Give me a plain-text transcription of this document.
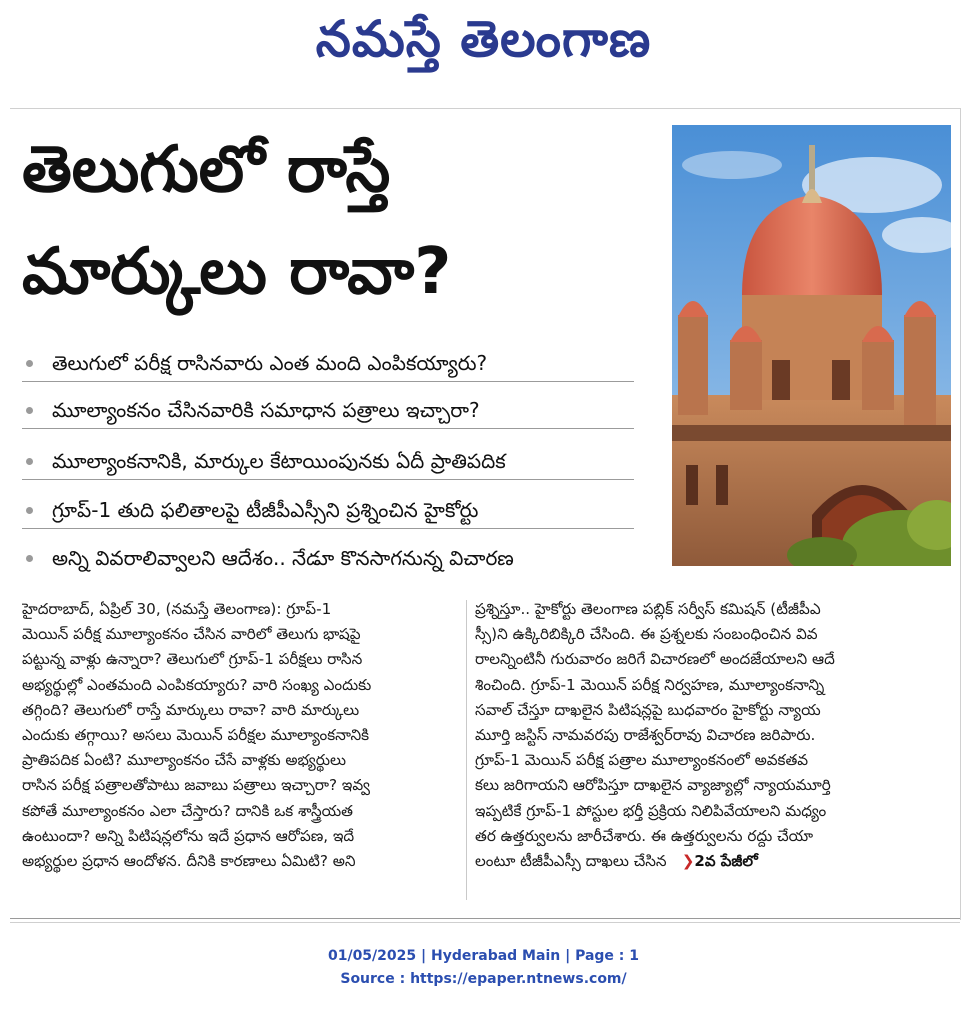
నమస్తే తెలంగాణ
తెలుగులో రాస్తే
మార్కులు రావా?
తెలుగులో పరీక్ష రాసినవారు ఎంత మంది ఎంపికయ్యారు?
మూల్యాంకనం చేసినవారికి సమాధాన పత్రాలు ఇచ్చారా?
మూల్యాంకనానికి, మార్కుల కేటాయింపునకు ఏదీ ప్రాతిపదిక
గ్రూప్‌-1 తుది ఫలితాలపై టీజీపీఎస్సీని ప్రశ్నించిన హైకోర్టు
అన్ని వివరాలివ్వాలని ఆదేశం.. నేడూ కొనసాగనున్న విచారణ
హైదరాబాద్‌, ఏప్రిల్‌ 30, (నమస్తే తెలంగాణ): గ్రూప్‌-1
మెయిన్‌ పరీక్ష మూల్యాంకనం చేసిన వారిలో తెలుగు భాషపై
పట్టున్న వాళ్లు ఉన్నారా? తెలుగులో గ్రూప్‌-1 పరీక్షలు రాసిన
అభ్యర్థుల్లో ఎంతమంది ఎంపికయ్యారు? వారి సంఖ్య ఎందుకు
తగ్గింది? తెలుగులో రాస్తే మార్కులు రావా? వారి మార్కులు
ఎందుకు తగ్గాయి? అసలు మెయిన్‌ పరీక్షల మూల్యాంకనానికి
ప్రాతిపదిక ఏంటి? మూల్యాంకనం చేసే వాళ్లకు అభ్యర్థులు
రాసిన పరీక్ష పత్రాలతోపాటు జవాబు పత్రాలు ఇచ్చారా? ఇవ్వ
కపోతే మూల్యాంకనం ఎలా చేస్తారు? దానికి ఒక శాస్త్రీయత
ఉంటుందా? అన్ని పిటిషన్లలోను ఇదే ప్రధాన ఆరోపణ, ఇదే
అభ్యర్థుల ప్రధాన ఆందోళన. దీనికి కారణాలు ఏమిటి? అని
ప్రశ్నిస్తూ.. హైకోర్టు తెలంగాణ పబ్లిక్‌ సర్వీస్‌ కమిషన్‌ (టీజీపీఎ
స్సీ)ని ఉక్కిరిబిక్కిరి చేసింది. ఈ ప్రశ్నలకు సంబంధించిన వివ
రాలన్నింటినీ గురువారం జరిగే విచారణలో అందజేయాలని ఆదే
శించింది. గ్రూప్‌-1 మెయిన్‌ పరీక్ష నిర్వహణ, మూల్యాంకనాన్ని
సవాల్‌ చేస్తూ దాఖలైన పిటిషన్లపై బుధవారం హైకోర్టు న్యాయ
మూర్తి జస్టిస్‌ నామవరపు రాజేశ్వర్‌రావు విచారణ జరిపారు.
గ్రూప్‌-1 మెయిన్‌ పరీక్ష పత్రాల మూల్యాంకనంలో అవకతవ
కలు జరిగాయని ఆరోపిస్తూ దాఖలైన వ్యాజ్యాల్లో న్యాయమూర్తి
ఇప్పటికే గ్రూప్‌-1 పోస్టుల భర్తీ ప్రక్రియ నిలిపివేయాలని మధ్యం
తర ఉత్తర్వులను జారీచేశారు. ఈ ఉత్తర్వులను రద్దు చేయా
లంటూ టీజీపీఎస్సీ దాఖలు చేసిన ❯2వ పేజీలో
01/05/2025 | Hyderabad Main | Page : 1
Source : https://epaper.ntnews.com/
